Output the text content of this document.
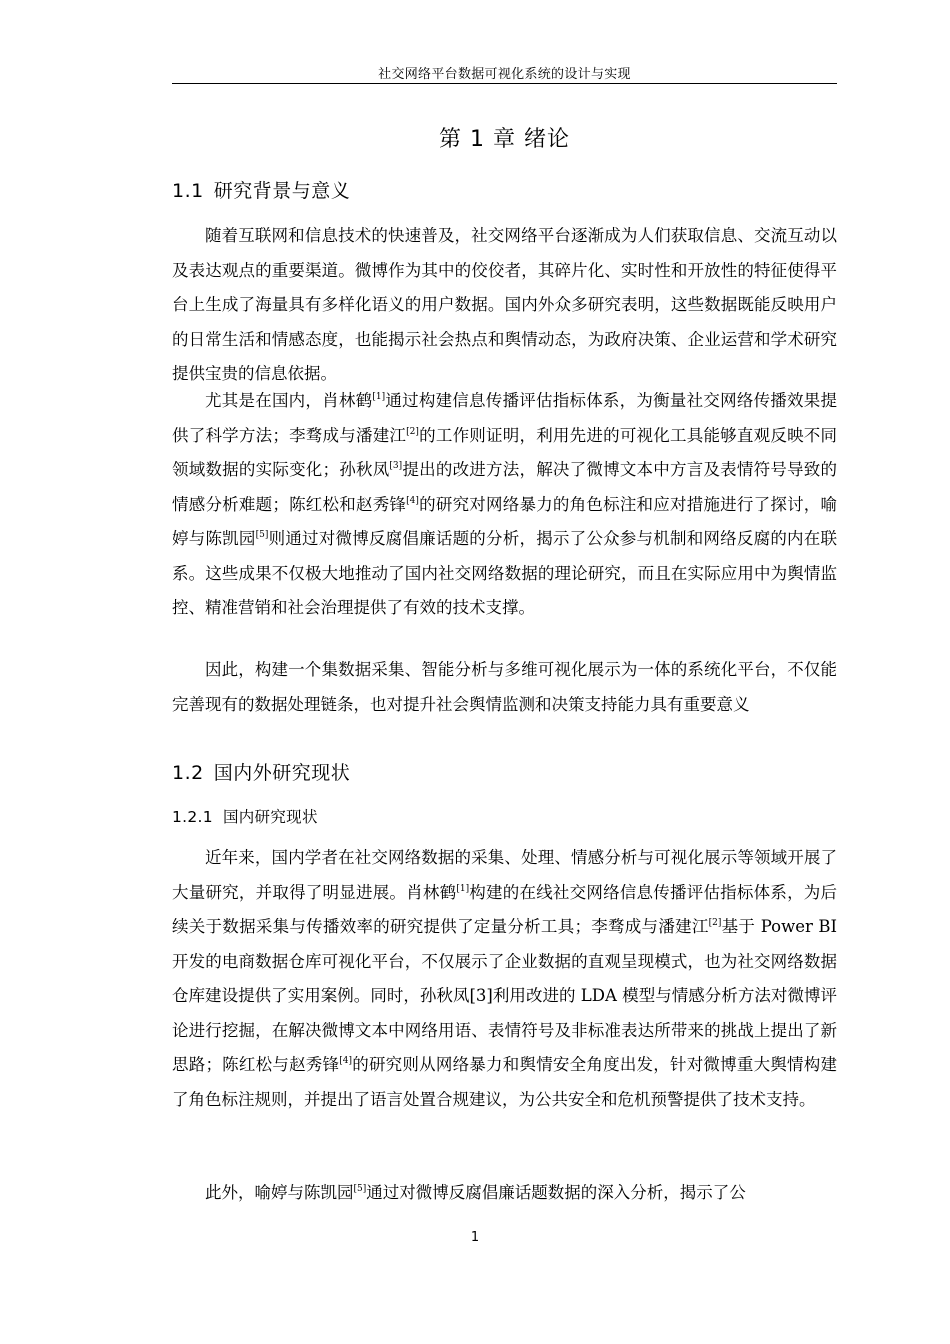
社交网络平台数据可视化系统的设计与实现
第 1 章 绪论
1.1 研究背景与意义

随着互联网和信息技术的快速普及，社交网络平台逐渐成为人们获取信息、交流互动以及表达观点的重要渠道。微博作为其中的佼佼者，其碎片化、实时性和开放性的特征使得平台上生成了海量具有多样化语义的用户数据。国内外众多研究表明，这些数据既能反映用户的日常生活和情感态度，也能揭示社会热点和舆情动态，为政府决策、企业运营和学术研究提供宝贵的信息依据。

尤其是在国内，肖林鹤[1]通过构建信息传播评估指标体系，为衡量社交网络传播效果提供了科学方法；李骛成与潘建江[2]的工作则证明，利用先进的可视化工具能够直观反映不同领域数据的实际变化；孙秋凤[3]提出的改进方法，解决了微博文本中方言及表情符号导致的情感分析难题；陈红松和赵秀锋[4]的研究对网络暴力的角色标注和应对措施进行了探讨，喻婷与陈凯园[5]则通过对微博反腐倡廉话题的分析，揭示了公众参与机制和网络反腐的内在联系。这些成果不仅极大地推动了国内社交网络数据的理论研究，而且在实际应用中为舆情监控、精准营销和社会治理提供了有效的技术支撑。

因此，构建一个集数据采集、智能分析与多维可视化展示为一体的系统化平台，不仅能完善现有的数据处理链条，也对提升社会舆情监测和决策支持能力具有重要意义

1.2 国内外研究现状
1.2.1 国内研究现状

近年来，国内学者在社交网络数据的采集、处理、情感分析与可视化展示等领域开展了大量研究，并取得了明显进展。肖林鹤[1]构建的在线社交网络信息传播评估指标体系，为后续关于数据采集与传播效率的研究提供了定量分析工具；李骛成与潘建江[2]基于 Power BI 开发的电商数据仓库可视化平台，不仅展示了企业数据的直观呈现模式，也为社交网络数据仓库建设提供了实用案例。同时，孙秋凤[3]利用改进的 LDA 模型与情感分析方法对微博评论进行挖掘，在解决微博文本中网络用语、表情符号及非标准表达所带来的挑战上提出了新思路；陈红松与赵秀锋[4]的研究则从网络暴力和舆情安全角度出发，针对微博重大舆情构建了角色标注规则，并提出了语言处置合规建议，为公共安全和危机预警提供了技术支持。

此外，喻婷与陈凯园[5]通过对微博反腐倡廉话题数据的深入分析，揭示了公

1
